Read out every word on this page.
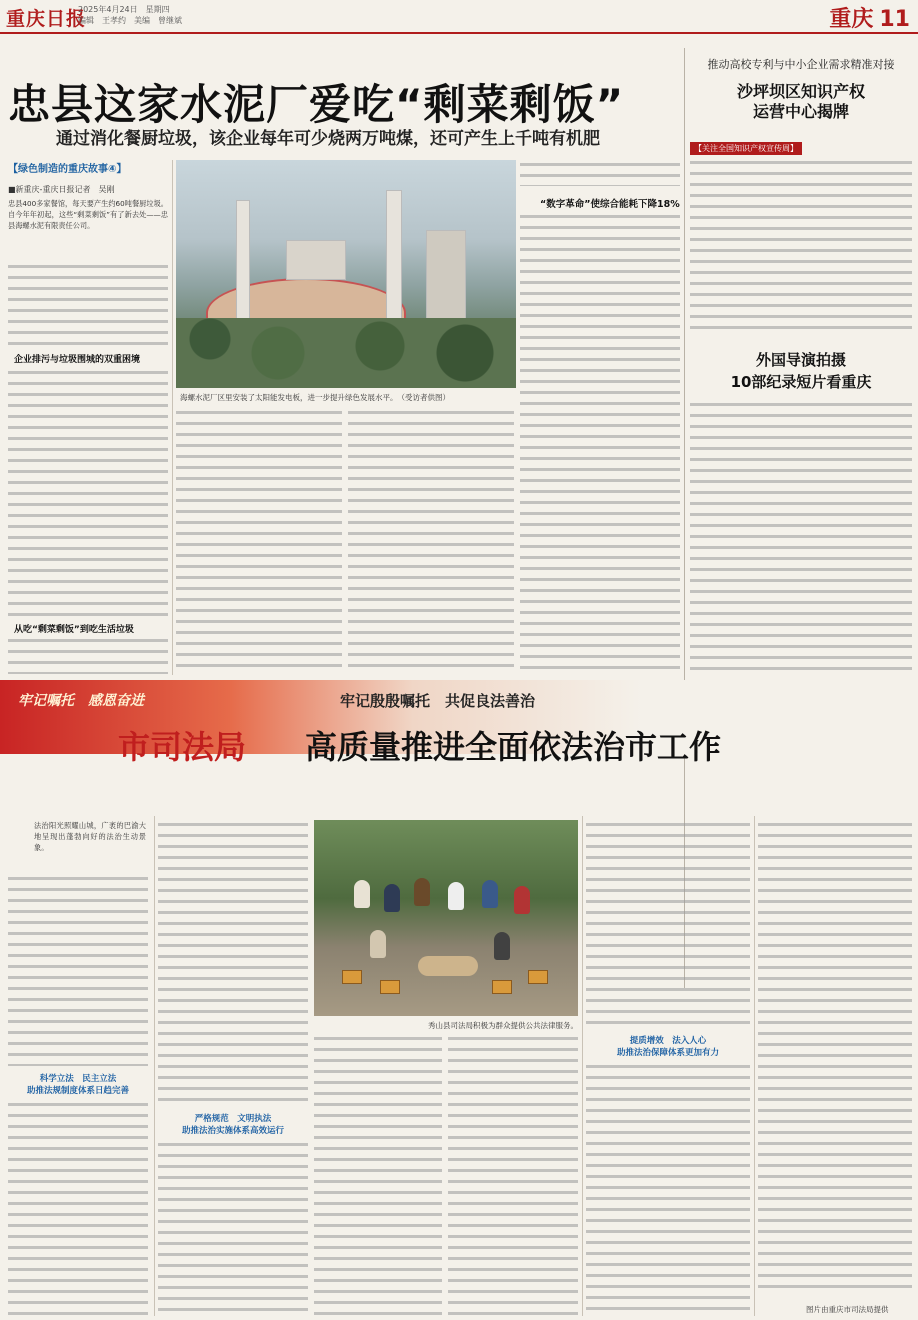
重庆日报
2025年4月24日　星期四
编辑　王孝约　美编　曾继斌	重庆 11
忠县这家水泥厂爱吃“剩菜剩饭”
通过消化餐厨垃圾，该企业每年可少烧两万吨煤，还可产生上千吨有机肥
【绿色制造的重庆故事④】
■新重庆-重庆日报记者　吴刚
忠县400多家餐馆，每天要产生约60吨餐厨垃圾。自今年年初起，这些“剩菜剩饭”有了新去处——忠县海螺水泥有限责任公司。
企业排污与垃圾围城的双重困境
从吃“剩菜剩饭”到吃生活垃圾
海螺水泥厂区里安装了太阳能发电板，进一步提升绿色发展水平。　（受访者供图）
“数字革命”使综合能耗下降18%
推动高校专利与中小企业需求精准对接
沙坪坝区知识产权
运营中心揭牌
【关注全国知识产权宣传周】
外国导演拍摄
10部纪录短片看重庆
牢记嘱托　感恩奋进	牢记殷殷嘱托　共促良法善治
市司法局 高质量推进全面依法治市工作
法治阳光照耀山城，广袤的巴渝大地呈现出蓬勃向好的法治生动景象。
科学立法　民主立法
助推法规制度体系日趋完善
严格规范　文明执法
助推法治实施体系高效运行
秀山县司法局积极为群众提供公共法律服务。
提质增效　法入人心
助推法治保障体系更加有力
图片由重庆市司法局提供
